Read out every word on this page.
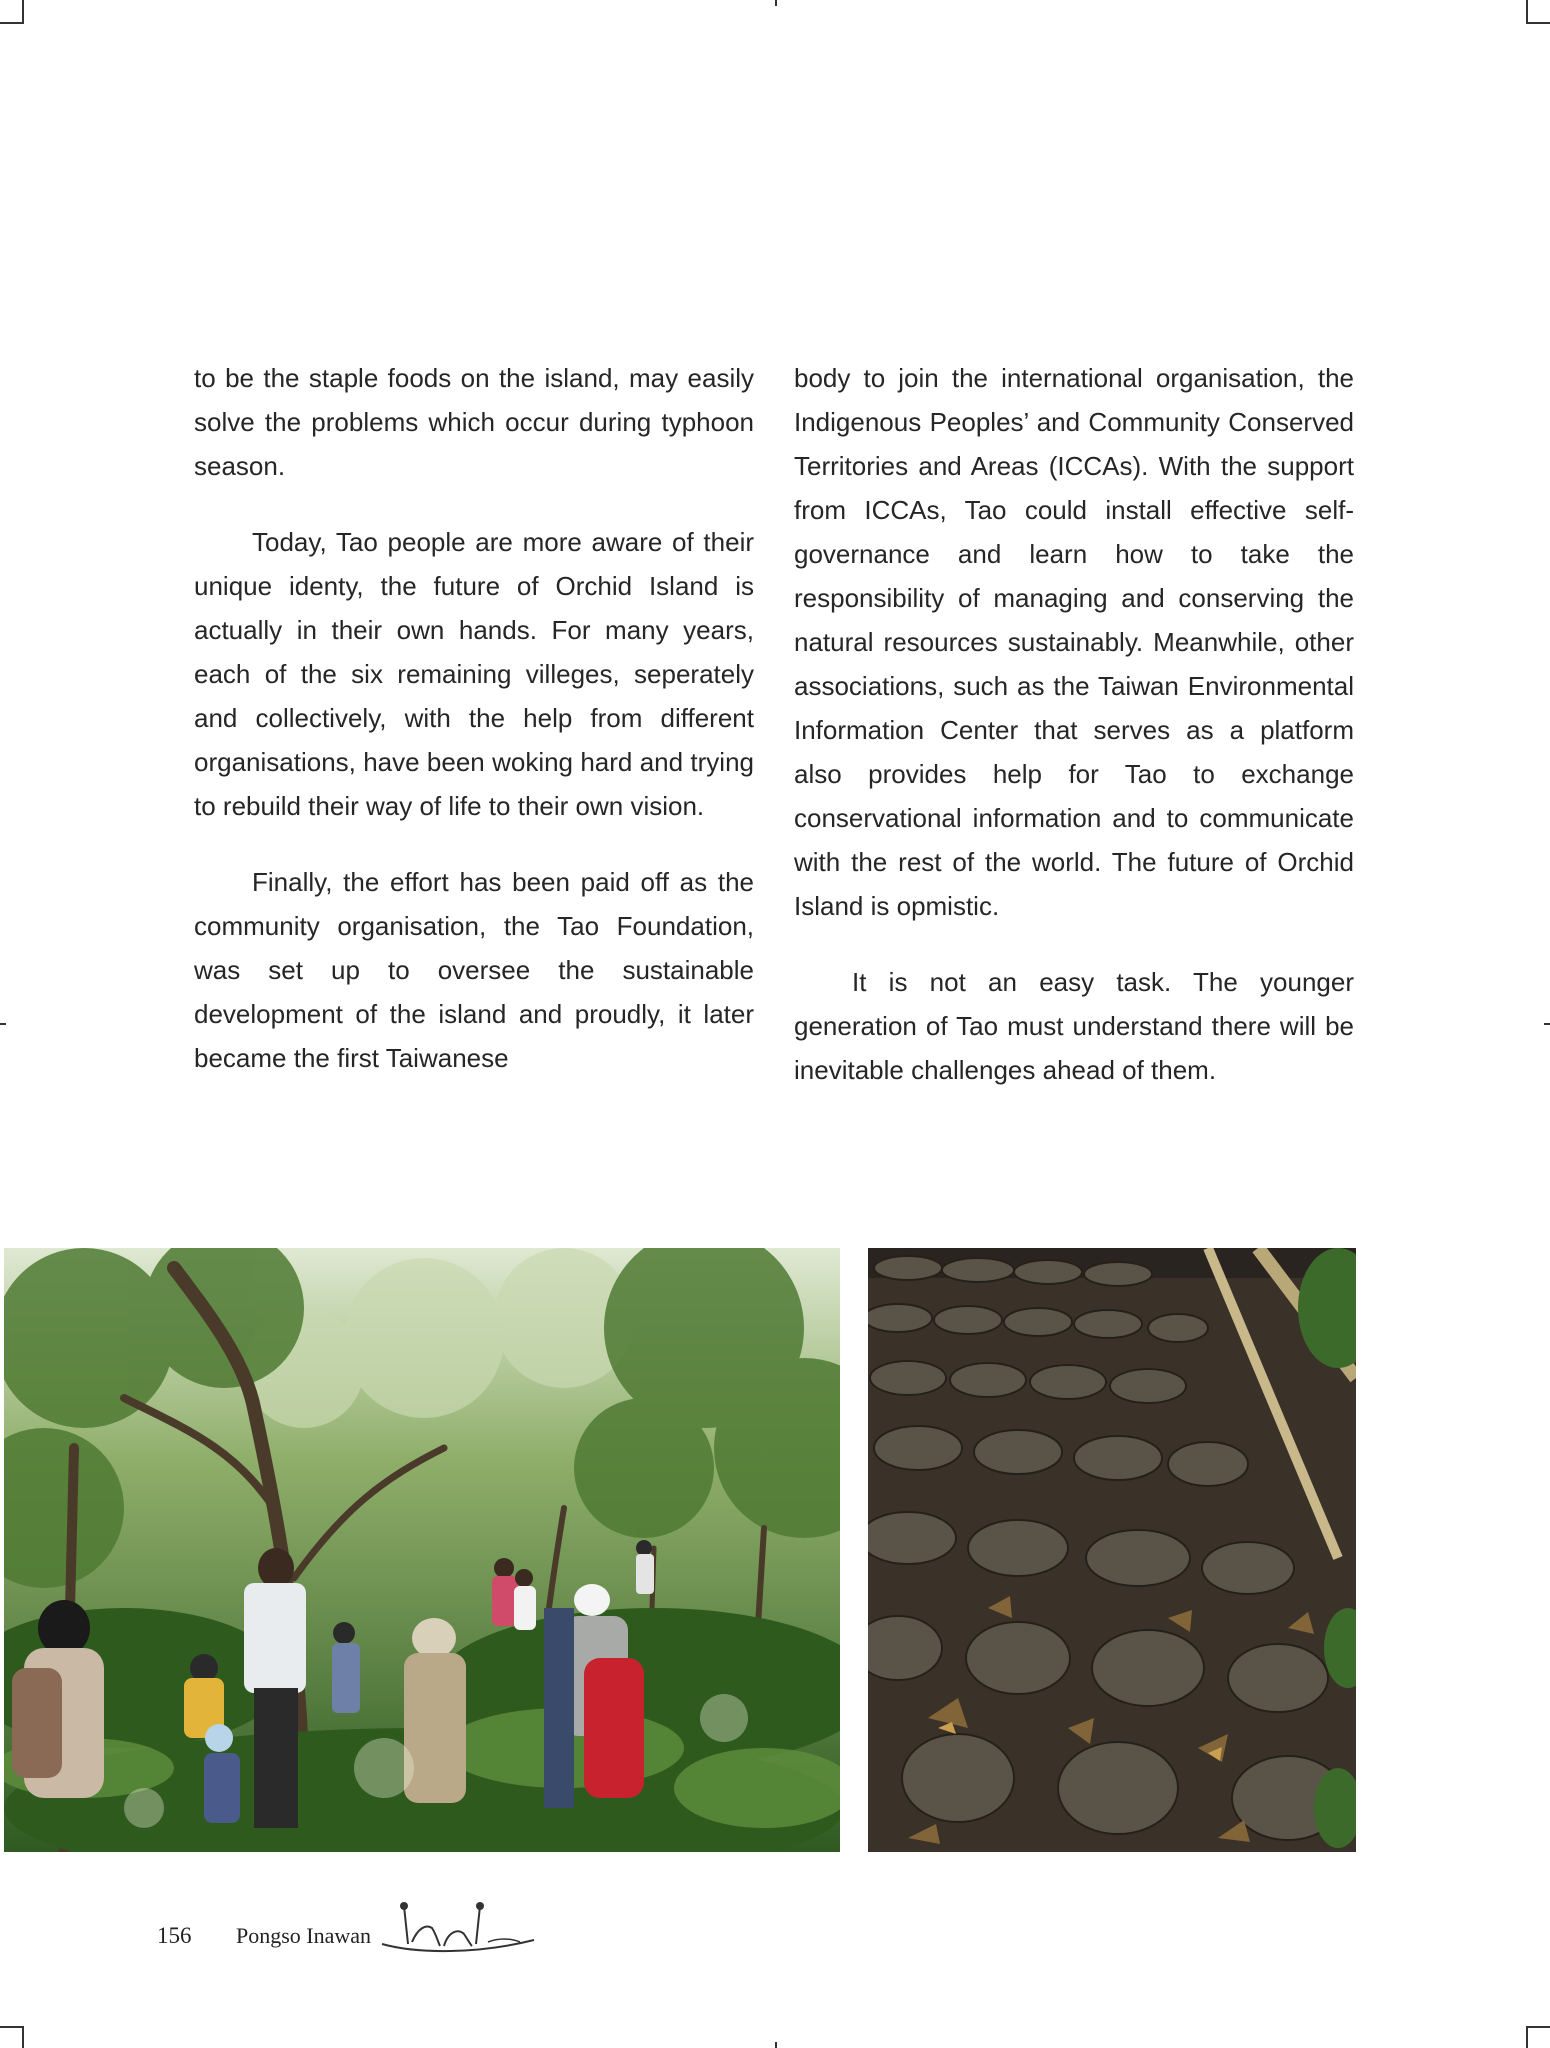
to be the staple foods on the island, may easily solve the problems which occur during typhoon season.

Today, Tao people are more aware of their unique identy, the future of Orchid Island is actually in their own hands. For many years, each of the six remaining villeges, seperately and collectively, with the help from different organisations, have been woking hard and trying to rebuild their way of life to their own vision.

Finally, the effort has been paid off as the community organisation, the Tao Foundation, was set up to oversee the sustainable development of the island and proudly, it later became the first Taiwanese

body to join the international organisation, the Indigenous Peoples’ and Community Conserved Territories and Areas (ICCAs). With the support from ICCAs, Tao could install effective self-governance and learn how to take the responsibility of managing and conserving the natural resources sustainably. Meanwhile, other associations, such as the Taiwan Environmental Information Center that serves as a platform also provides help for Tao to exchange conservational information and to communicate with the rest of the world. The future of Orchid Island is opmistic.

It is not an easy task. The younger generation of Tao must understand there will be inevitable challenges ahead of them.

156 Pongso Inawan
